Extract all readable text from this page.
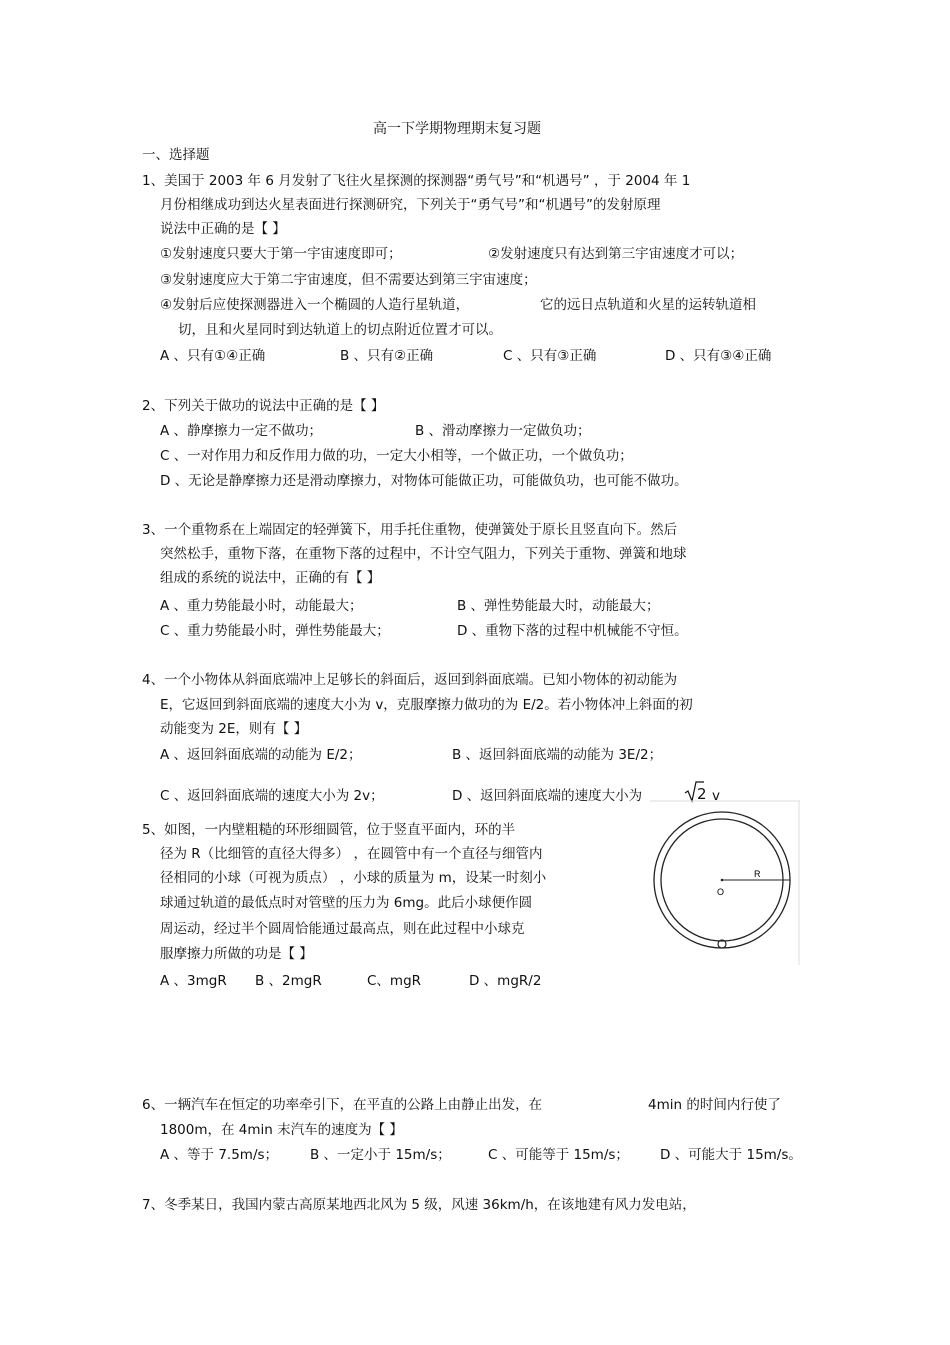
高一下学期物理期末复习题
一、选择题
1、美国于 2003 年 6 月发射了飞往火星探测的探测器“勇气号”和“机遇号” ，于 2004 年 1
月份相继成功到达火星表面进行探测研究，下列关于“勇气号”和“机遇号”的发射原理
说法中正确的是【 】
①发射速度只要大于第一宇宙速度即可；	②发射速度只有达到第三宇宙速度才可以；
③发射速度应大于第二宇宙速度，但不需要达到第三宇宙速度；
④发射后应使探测器进入一个椭圆的人造行星轨道，	它的远日点轨道和火星的运转轨道相
切，且和火星同时到达轨道上的切点附近位置才可以。
A 、只有①④正确	B 、只有②正确	C 、只有③正确	D 、只有③④正确
2、下列关于做功的说法中正确的是【 】
A 、静摩擦力一定不做功；	B 、滑动摩擦力一定做负功；
C 、一对作用力和反作用力做的功，一定大小相等，一个做正功，一个做负功；
D 、无论是静摩擦力还是滑动摩擦力，对物体可能做正功，可能做负功，也可能不做功。
3、一个重物系在上端固定的轻弹簧下，用手托住重物，使弹簧处于原长且竖直向下。然后
突然松手，重物下落，在重物下落的过程中，不计空气阻力，下列关于重物、弹簧和地球
组成的系统的说法中，正确的有【 】
A 、重力势能最小时，动能最大；	B 、弹性势能最大时，动能最大；
C 、重力势能最小时，弹性势能最大；	D 、重物下落的过程中机械能不守恒。
4、一个小物体从斜面底端冲上足够长的斜面后，返回到斜面底端。已知小物体的初动能为
E，它返回到斜面底端的速度大小为 v，克服摩擦力做功的为 E/2。若小物体冲上斜面的初
动能变为 2E，则有【 】
A 、返回斜面底端的动能为 E/2；	B 、返回斜面底端的动能为 3E/2；
C 、返回斜面底端的速度大小为 2v；	D 、返回斜面底端的速度大小为	2 v
5、如图，一内壁粗糙的环形细圆管，位于竖直平面内，环的半
径为 R（比细管的直径大得多） ，在圆管中有一个直径与细管内
径相同的小球（可视为质点） ，小球的质量为 m，设某一时刻小
球通过轨道的最低点时对管壁的压力为 6mg。此后小球便作圆
周运动，经过半个圆周恰能通过最高点，则在此过程中小球克
服摩擦力所做的功是【 】
A 、3mgR B 、2mgR	C、mgR	D 、mgR/2
R
O
6、一辆汽车在恒定的功率牵引下，在平直的公路上由静止出发，在	4min 的时间内行使了
1800m，在 4min 末汽车的速度为【 】
A 、等于 7.5m/s； B 、一定小于 15m/s；	C 、可能等于 15m/s； D 、可能大于 15m/s。
7、冬季某日，我国内蒙古高原某地西北风为 5 级，风速 36km/h，在该地建有风力发电站，
